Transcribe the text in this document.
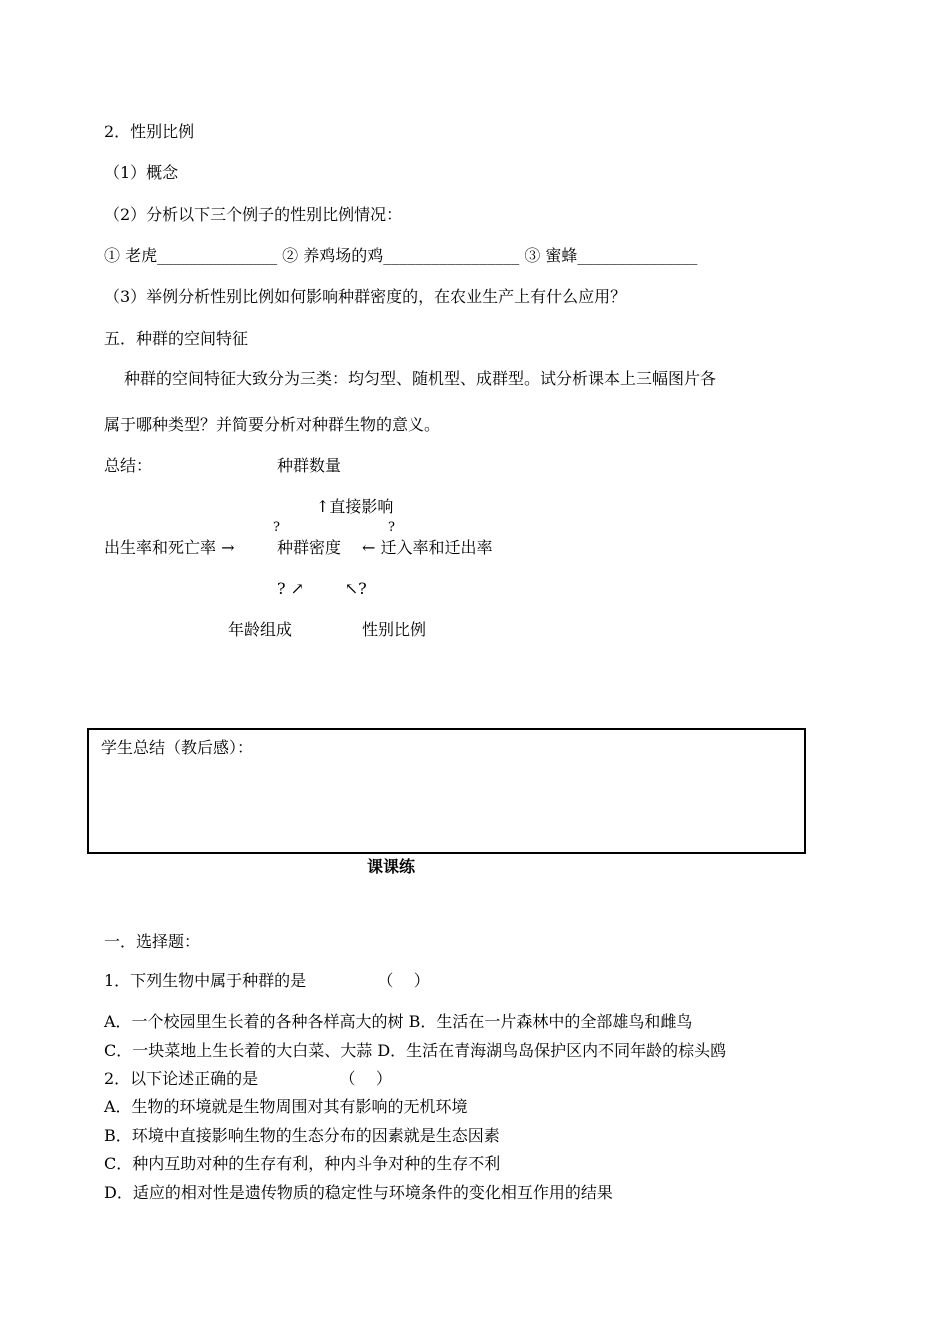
2．性别比例
（1）概念
（2）分析以下三个例子的性别比例情况：
① 老虎_______________ ② 养鸡场的鸡_________________ ③ 蜜蜂_______________
（3）举例分析性别比例如何影响种群密度的，在农业生产上有什么应用？
五．种群的空间特征
种群的空间特征大致分为三类：均匀型、随机型、成群型。试分析课本上三幅图片各
属于哪种类型？并简要分析对种群生物的意义。
总结：	种群数量
↑直接影响
?	?
出生率和死亡率 →	种群密度 ← 迁入率和迁出率
? ↗        ↖?
年龄组成	性别比例
学生总结（教后感）：
课课练
一．选择题：
1．下列生物中属于种群的是              （    ）
A．一个校园里生长着的各种各样高大的树 B．生活在一片森林中的全部雄鸟和雌鸟
C．一块菜地上生长着的大白菜、大蒜 D．生活在青海湖鸟岛保护区内不同年龄的棕头鸥
2．以下论述正确的是                （    ）
A．生物的环境就是生物周围对其有影响的无机环境
B．环境中直接影响生物的生态分布的因素就是生态因素
C．种内互助对种的生存有利，种内斗争对种的生存不利
D．适应的相对性是遗传物质的稳定性与环境条件的变化相互作用的结果
